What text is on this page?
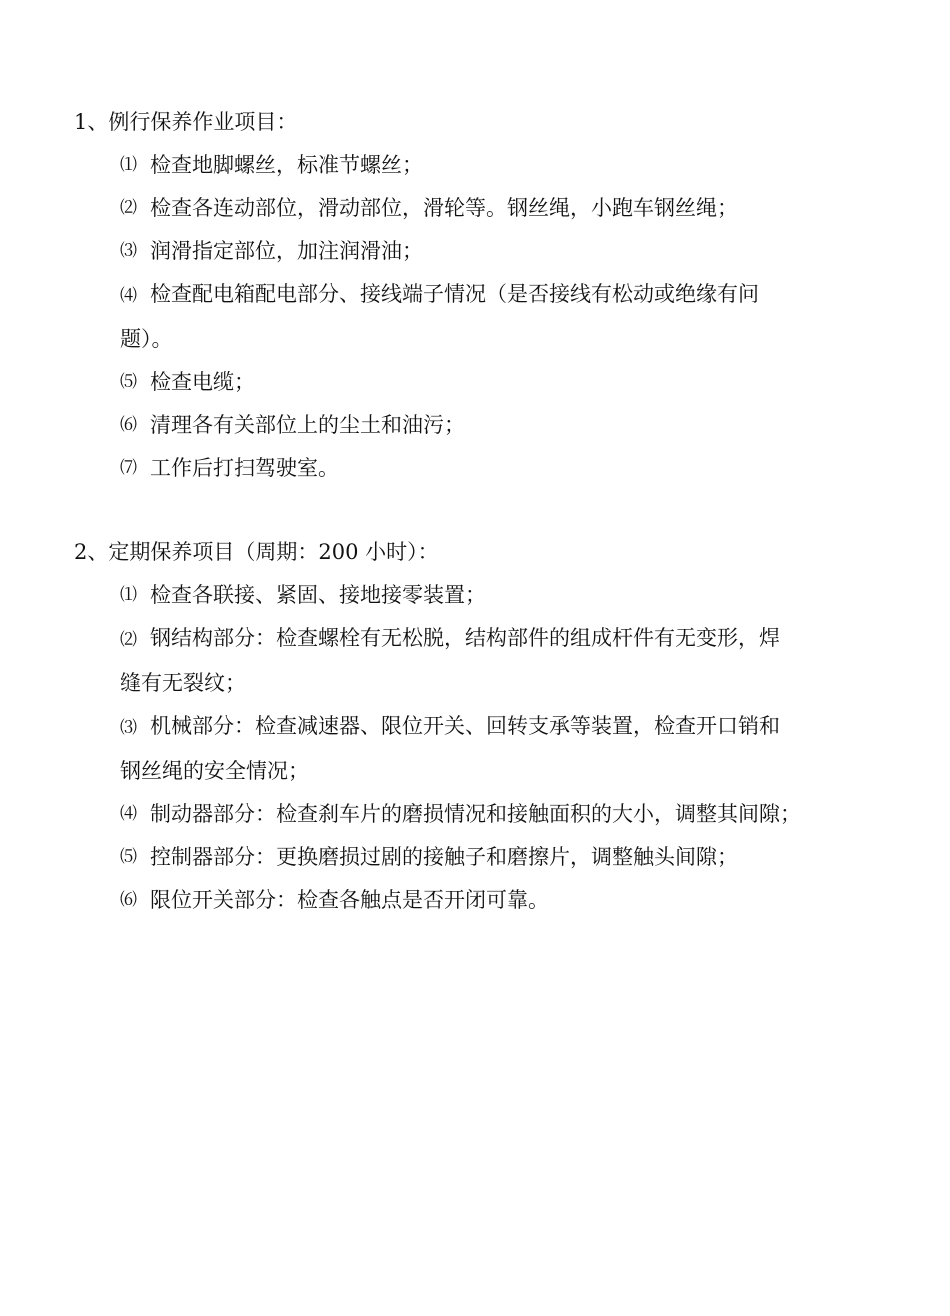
1、例行保养作业项目：
⑴ 检查地脚螺丝，标准节螺丝；
⑵ 检查各连动部位，滑动部位，滑轮等。钢丝绳，小跑车钢丝绳；
⑶ 润滑指定部位，加注润滑油；
⑷ 检查配电箱配电部分、接线端子情况（是否接线有松动或绝缘有问
题）。
⑸ 检查电缆；
⑹ 清理各有关部位上的尘土和油污；
⑺ 工作后打扫驾驶室。
2、定期保养项目（周期：200 小时）：
⑴ 检查各联接、紧固、接地接零装置；
⑵ 钢结构部分：检查螺栓有无松脱，结构部件的组成杆件有无变形，焊
缝有无裂纹；
⑶ 机械部分：检查减速器、限位开关、回转支承等装置，检查开口销和
钢丝绳的安全情况；
⑷ 制动器部分：检查刹车片的磨损情况和接触面积的大小，调整其间隙；
⑸ 控制器部分：更换磨损过剧的接触子和磨擦片，调整触头间隙；
⑹ 限位开关部分：检查各触点是否开闭可靠。
